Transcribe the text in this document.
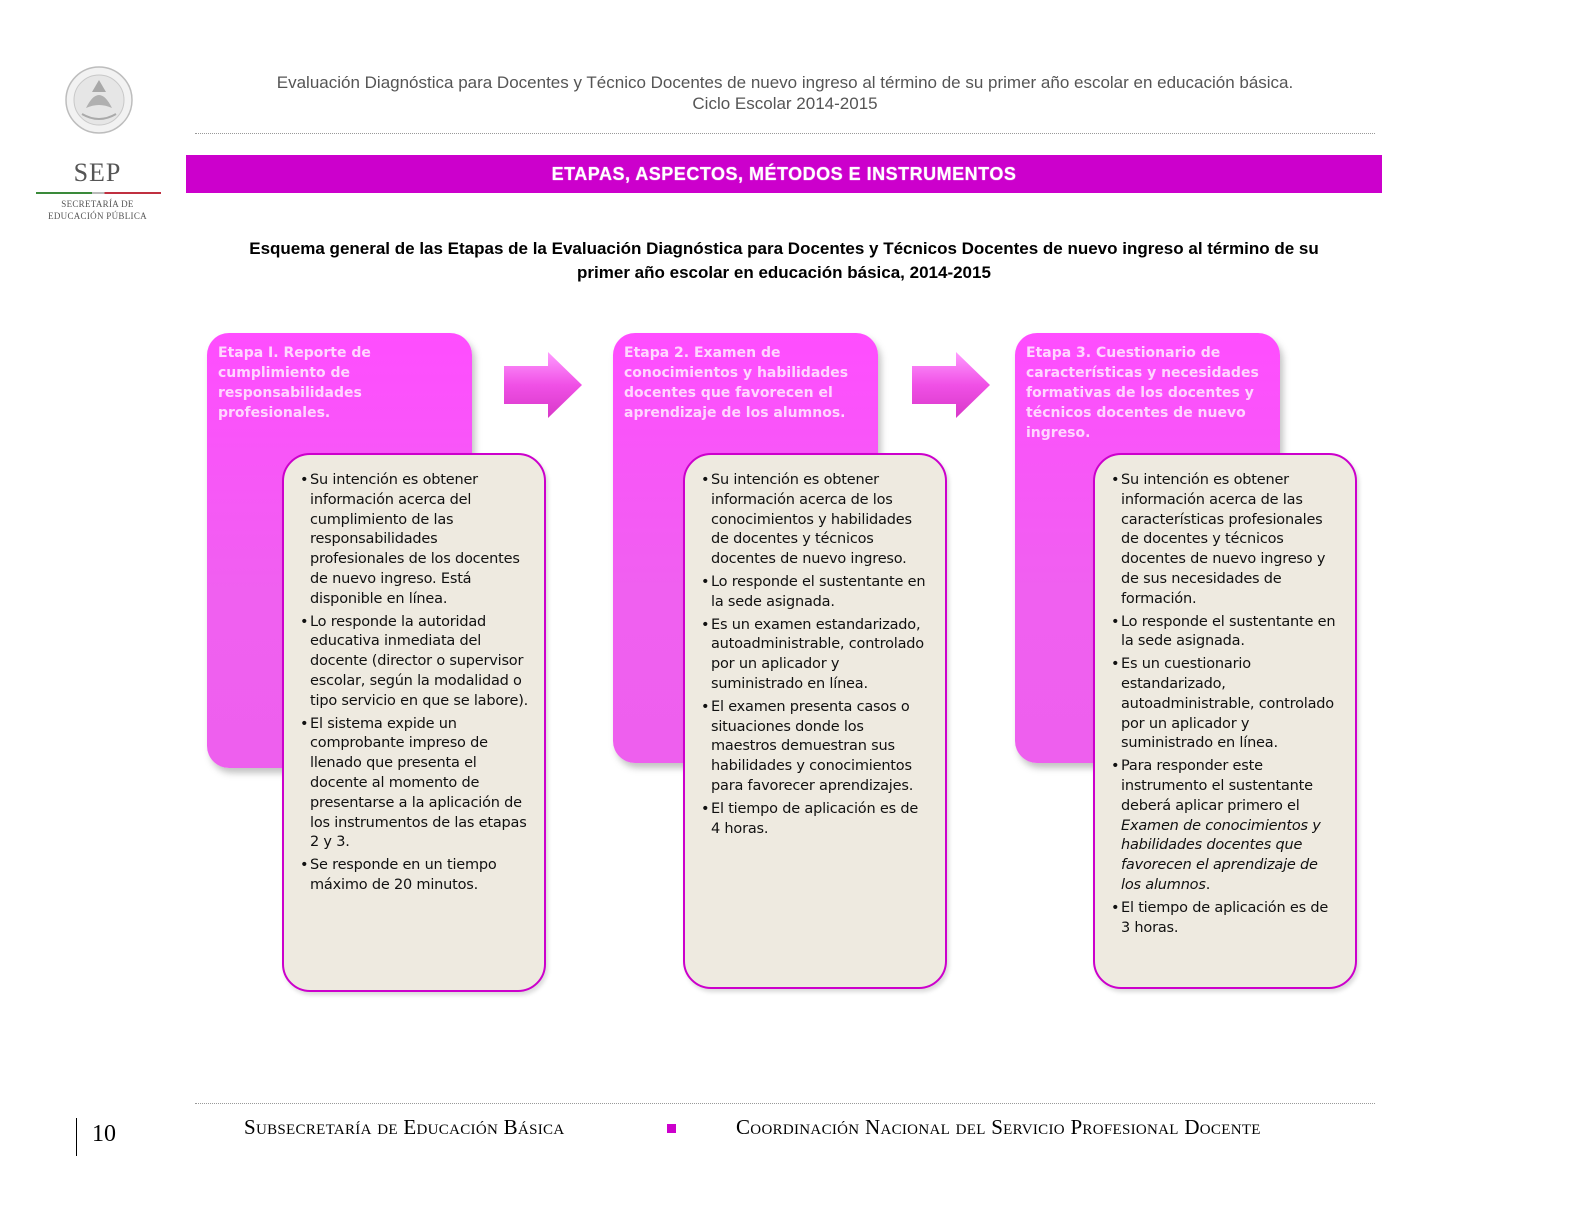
SEP
SECRETARÍA DE
EDUCACIÓN PÚBLICA
Evaluación Diagnóstica para Docentes y Técnico Docentes de nuevo ingreso al término de su primer año escolar en educación básica.
Ciclo Escolar 2014-2015
ETAPAS, ASPECTOS, MÉTODOS E INSTRUMENTOS
Esquema general de las Etapas de la Evaluación Diagnóstica para Docentes y Técnicos Docentes de nuevo ingreso al término de su
primer año escolar en educación básica, 2014-2015
Etapa I. Reporte de cumplimiento de responsabilidades profesionales.
• Su intención es obtener información acerca del cumplimiento de las responsabilidades profesionales de los docentes de nuevo ingreso. Está disponible en línea.
• Lo responde la autoridad educativa inmediata del docente (director o supervisor escolar, según la modalidad o tipo servicio en que se labore).
• El sistema expide un comprobante impreso de llenado que presenta el docente al momento de presentarse a la aplicación de los instrumentos de las etapas 2 y 3.
• Se responde en un tiempo máximo de 20 minutos.
Etapa 2. Examen de conocimientos y habilidades docentes que favorecen el aprendizaje de los alumnos.
• Su intención es obtener información acerca de los conocimientos y habilidades de docentes y técnicos docentes de nuevo ingreso.
• Lo responde el sustentante en la sede asignada.
• Es un examen estandarizado, autoadministrable, controlado por un aplicador y suministrado en línea.
• El examen presenta casos o situaciones donde los maestros demuestran sus habilidades y conocimientos para favorecer aprendizajes.
• El tiempo de aplicación es de 4 horas.
Etapa 3. Cuestionario de características y necesidades formativas de los docentes y técnicos docentes de nuevo ingreso.
• Su intención es obtener información acerca de las características profesionales de docentes y técnicos docentes de nuevo ingreso y de sus necesidades de formación.
• Lo responde el sustentante en la sede asignada.
• Es un cuestionario estandarizado, autoadministrable, controlado por un aplicador y suministrado en línea.
• Para responder este instrumento el sustentante deberá aplicar primero el Examen de conocimientos y habilidades docentes que favorecen el aprendizaje de los alumnos.
• El tiempo de aplicación es de 3 horas.
10	Subsecretaría de Educación Básica	Coordinación Nacional del Servicio Profesional Docente
